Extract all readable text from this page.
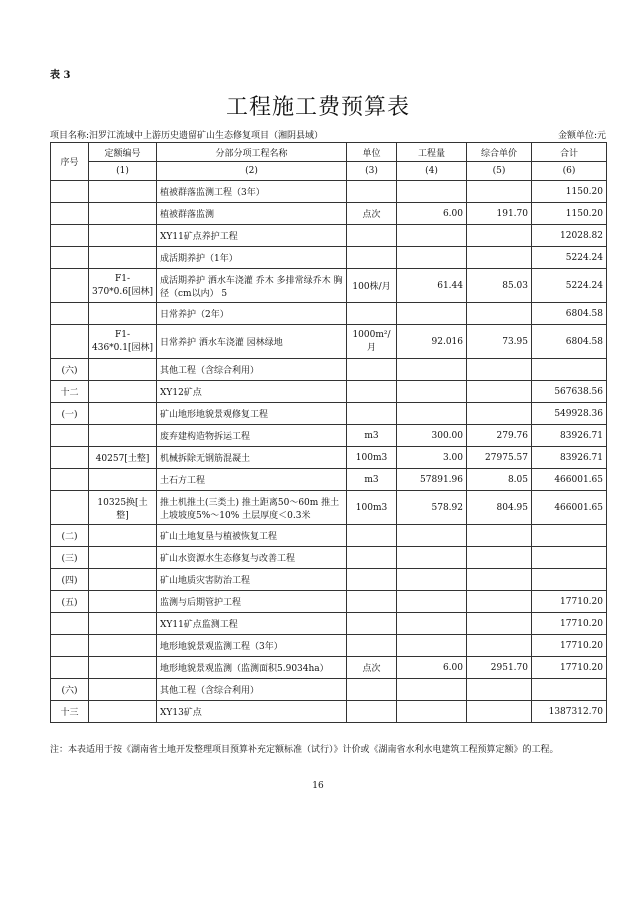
表 3
工程施工费预算表
项目名称:汨罗江流域中上游历史遗留矿山生态修复项目（湘阴县域）	金额单位:元
序号	定额编号	分部分项工程名称	单位	工程量	综合单价	合计
	(1)	(2)	(3)	(4)	(5)	(6)
		植被群落监测工程（3年）				1150.20
		植被群落监测	点次	6.00	191.70	1150.20
		XY11矿点养护工程				12028.82
		成活期养护（1年）				5224.24
	F1-370*0.6[园林]	成活期养护 洒水车浇灌 乔木 多排常绿乔木 胸径（cm以内） 5	100株/月	61.44	85.03	5224.24
		日常养护（2年）				6804.58
	F1-436*0.1[园林]	日常养护 洒水车浇灌 园林绿地	1000m²/月	92.016	73.95	6804.58
(六)		其他工程（含综合利用）				
十二		XY12矿点				567638.56
(一)		矿山地形地貌景观修复工程				549928.36
		废弃建构造物拆运工程	m3	300.00	279.76	83926.71
	40257[土整]	机械拆除无钢筋混凝土	100m3	3.00	27975.57	83926.71
		土石方工程	m3	57891.96	8.05	466001.65
	10325换[土整]	推土机推土(三类土) 推土距离50～60m 推土上坡坡度5%～10% 土层厚度＜0.3米	100m3	578.92	804.95	466001.65
(二)		矿山土地复垦与植被恢复工程				
(三)		矿山水资源水生态修复与改善工程				
(四)		矿山地质灾害防治工程				
(五)		监测与后期管护工程				17710.20
		XY11矿点监测工程				17710.20
		地形地貌景观监测工程（3年）				17710.20
		地形地貌景观监测（监测面积5.9034ha）	点次	6.00	2951.70	17710.20
(六)		其他工程（含综合利用）				
十三		XY13矿点				1387312.70
注：本表适用于按《湖南省土地开发整理项目预算补充定额标准（试行）》计价或《湖南省水利水电建筑工程预算定额》的工程。
16
